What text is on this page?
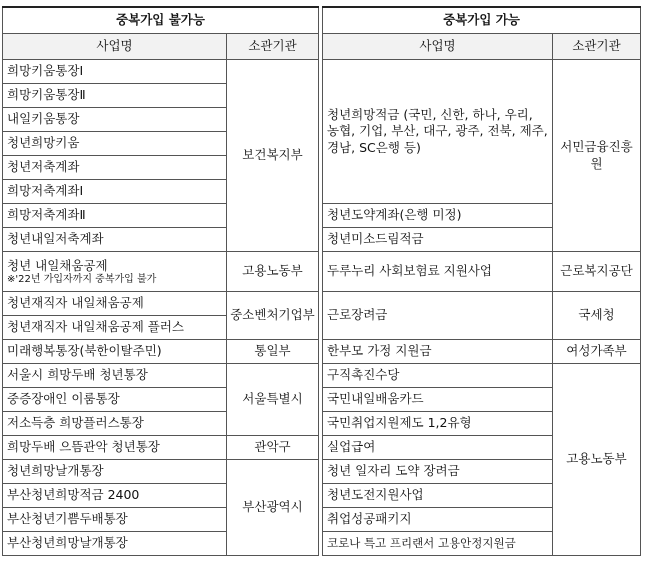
중복가입 불가능	
사업명	소관기관
희망키움통장Ⅰ	보건복지부
희망키움통장Ⅱ	
내일키움통장	
청년희망키움	
청년저축계좌	
희망저축계좌Ⅰ	
희망저축계좌Ⅱ	
청년내일저축계좌	

청년 내일채움공제
※'22년 가입자까지 중복가입 불가	고용노동부
청년재직자 내일채움공제	중소벤처기업부
청년재직자 내일채움공제 플러스	
미래행복통장(북한이탈주민)	통일부
서울시 희망두배 청년통장	서울특별시
중증장애인 이룸통장	
저소득층 희망플러스통장	
희망두배 으뜸관악 청년통장	관악구
청년희망날개통장	부산광역시
부산청년희망적금 2400	
부산청년기쁨두배통장	
부산청년희망날개통장	
중복가입 가능	
사업명	소관기관
청년희망적금 (국민, 신한, 하나, 우리, 농협, 기업, 부산, 대구, 광주, 전북, 제주, 경남, SC은행 등)	서민금융진흥원
청년도약계좌(은행 미정)	
청년미소드림적금	
두루누리 사회보험료 지원사업	근로복지공단
근로장려금	국세청
한부모 가정 지원금	여성가족부
구직촉진수당	고용노동부
국민내일배움카드	
국민취업지원제도 1,2유형	
실업급여	
청년 일자리 도약 장려금	
청년도전지원사업	
취업성공패키지	
코로나 특고 프리랜서 고용안정지원금	
